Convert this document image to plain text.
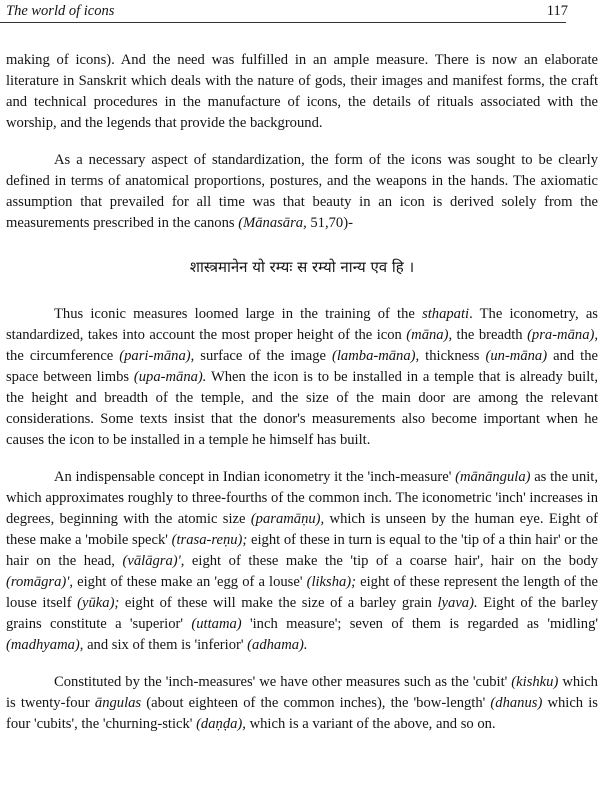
The world of icons	117

making of icons). And the need was fulfilled in an ample measure. There is now an elaborate literature in Sanskrit which deals with the nature of gods, their images and manifest forms, the craft and technical procedures in the manufacture of icons, the details of rituals associated with the worship, and the legends that provide the background.

As a necessary aspect of standardization, the form of the icons was sought to be clearly defined in terms of anatomical proportions, postures, and the weapons in the hands. The axiomatic assumption that prevailed for all time was that beauty in an icon is derived solely from the measurements prescribed in the canons (Mānasāra, 51,70)-

शास्त्रमानेन यो रम्यः स रम्यो नान्य एव हि ।

Thus iconic measures loomed large in the training of the sthapati. The iconometry, as standardized, takes into account the most proper height of the icon (māna), the breadth (pra-māna), the circumference (pari-māna), surface of the image (lamba-māna), thickness (un-māna) and the space between limbs (upa-māna). When the icon is to be installed in a temple that is already built, the height and breadth of the temple, and the size of the main door are among the relevant considerations. Some texts insist that the donor's measurements also become important when he causes the icon to be installed in a temple he himself has built.

An indispensable concept in Indian iconometry it the 'inch-measure' (mānāngula) as the unit, which approximates roughly to three-fourths of the common inch. The iconometric 'inch' increases in degrees, beginning with the atomic size (paramāṇu), which is unseen by the human eye. Eight of these make a 'mobile speck' (trasa-reṇu); eight of these in turn is equal to the 'tip of a thin hair' or the hair on the head, (vālāgra)', eight of these make the 'tip of a coarse hair', hair on the body (romāgra)', eight of these make an 'egg of a louse' (liksha); eight of these represent the length of the louse itself (yūka); eight of these will make the size of a barley grain lyava). Eight of the barley grains constitute a 'superior' (uttama) 'inch measure'; seven of them is regarded as 'midling' (madhyama), and six of them is 'inferior' (adhama).

Constituted by the 'inch-measures' we have other measures such as the 'cubit' (kishku) which is twenty-four āngulas (about eighteen of the common inches), the 'bow-length' (dhanus) which is four 'cubits', the 'churning-stick' (daṇḍa), which is a variant of the above, and so on.
